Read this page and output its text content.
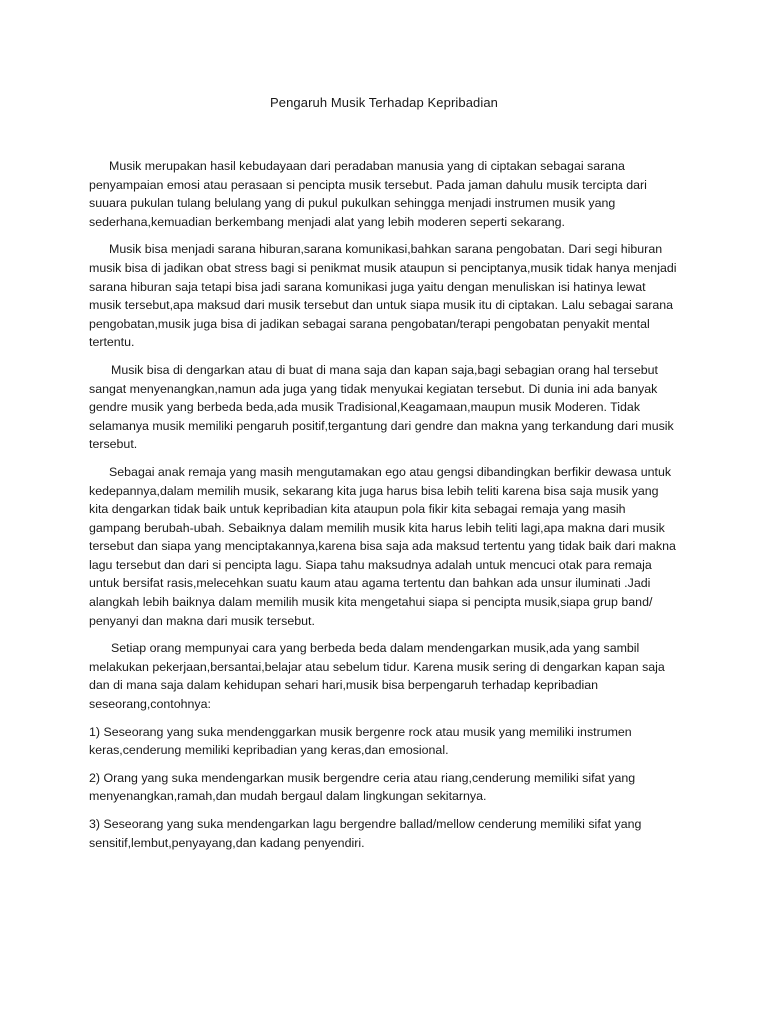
Pengaruh Musik Terhadap Kepribadian

Musik merupakan hasil kebudayaan dari peradaban manusia yang di ciptakan sebagai sarana penyampaian emosi atau perasaan si pencipta musik tersebut. Pada jaman dahulu musik tercipta dari suuara pukulan tulang belulang yang di pukul pukulkan sehingga menjadi instrumen musik yang sederhana,kemuadian berkembang menjadi alat yang lebih moderen seperti sekarang.

Musik bisa menjadi sarana hiburan,sarana komunikasi,bahkan sarana pengobatan. Dari segi hiburan musik bisa di jadikan obat stress bagi si penikmat musik ataupun si penciptanya,musik tidak hanya menjadi sarana hiburan saja tetapi bisa jadi sarana komunikasi juga yaitu dengan menuliskan isi hatinya lewat musik tersebut,apa maksud dari musik tersebut dan untuk siapa musik itu di ciptakan. Lalu sebagai sarana pengobatan,musik juga bisa di jadikan sebagai sarana pengobatan/terapi pengobatan penyakit mental tertentu.

Musik bisa di dengarkan atau di buat di mana saja dan kapan saja,bagi sebagian orang hal tersebut sangat menyenangkan,namun ada juga yang tidak menyukai kegiatan tersebut. Di dunia ini ada banyak gendre musik yang berbeda beda,ada musik Tradisional,Keagamaan,maupun musik Moderen. Tidak selamanya musik memiliki pengaruh positif,tergantung dari gendre dan makna yang terkandung dari musik tersebut.

Sebagai anak remaja yang masih mengutamakan ego atau gengsi dibandingkan berfikir dewasa untuk kedepannya,dalam memilih musik, sekarang kita juga harus bisa lebih teliti karena bisa saja musik yang kita dengarkan tidak baik untuk kepribadian kita ataupun pola fikir kita sebagai remaja yang masih gampang berubah-ubah. Sebaiknya dalam memilih musik kita harus lebih teliti lagi,apa makna dari musik tersebut dan siapa yang menciptakannya,karena bisa saja ada maksud tertentu yang tidak baik dari makna lagu tersebut dan dari si pencipta lagu. Siapa tahu maksudnya adalah untuk mencuci otak para remaja untuk bersifat rasis,melecehkan suatu kaum atau agama tertentu dan bahkan ada unsur iluminati .Jadi alangkah lebih baiknya dalam memilih musik kita mengetahui siapa si pencipta musik,siapa grup band/ penyanyi dan makna dari musik tersebut.

Setiap orang mempunyai cara yang berbeda beda dalam mendengarkan musik,ada yang sambil melakukan pekerjaan,bersantai,belajar atau sebelum tidur. Karena musik sering di dengarkan kapan saja dan di mana saja dalam kehidupan sehari hari,musik bisa berpengaruh terhadap kepribadian seseorang,contohnya:

1) Seseorang yang suka mendenggarkan musik bergenre rock atau musik yang memiliki instrumen keras,cenderung memiliki kepribadian yang keras,dan emosional.

2) Orang yang suka mendengarkan musik bergendre ceria atau riang,cenderung memiliki sifat yang menyenangkan,ramah,dan mudah bergaul dalam lingkungan sekitarnya.

3) Seseorang yang suka mendengarkan lagu bergendre ballad/mellow cenderung memiliki sifat yang sensitif,lembut,penyayang,dan kadang penyendiri.
